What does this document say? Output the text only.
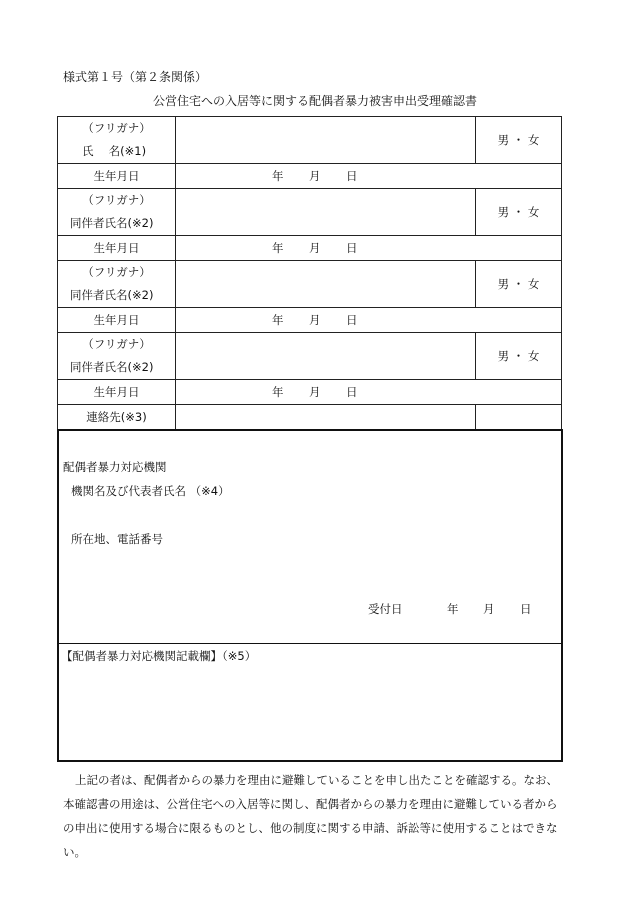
様式第１号（第２条関係）
公営住宅への入居等に関する配偶者暴力被害申出受理確認書
（フリガナ）
氏　 名(※1)		男 ・ 女
生年月日	年 月 日	

（フリガナ）
同伴者氏名(※2)		男 ・ 女
生年月日	年 月 日	

（フリガナ）
同伴者氏名(※2)		男 ・ 女
生年月日	年 月 日	

（フリガナ）
同伴者氏名(※2)		男 ・ 女
生年月日	年 月 日	

連絡先(※3)		
配偶者暴力対応機関
機関名及び代表者氏名 （※4）
所在地、電話番号
受付日	年 月 日
【配偶者暴力対応機関記載欄】（※5）
上記の者は、配偶者からの暴力を理由に避難していることを申し出たことを確認する。なお、本確認書の用途は、公営住宅への入居等に関し、配偶者からの暴力を理由に避難している者からの申出に使用する場合に限るものとし、他の制度に関する申請、訴訟等に使用することはできない。
